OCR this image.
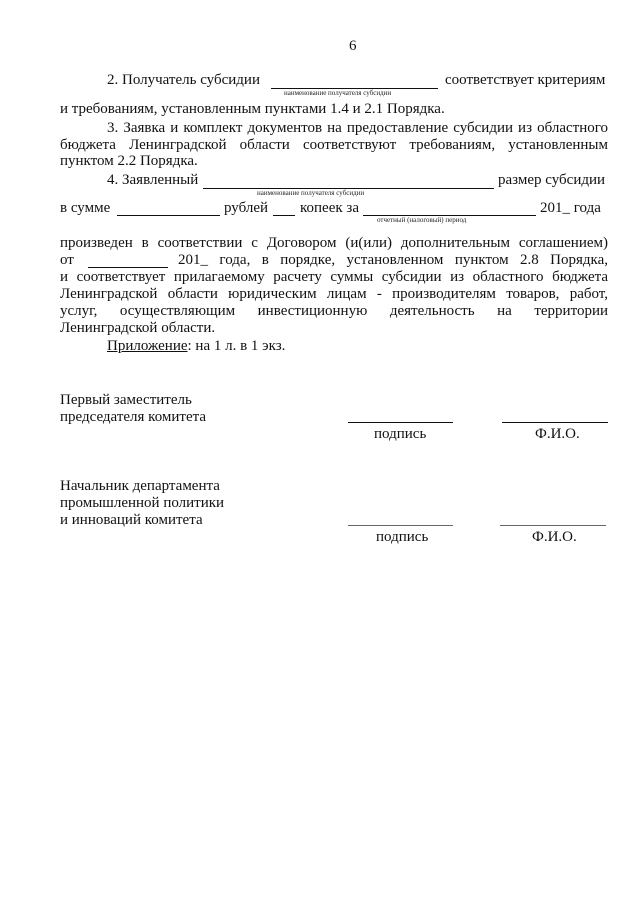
6
2. Получатель субсидии
наименование получателя субсидии
соответствует критериям
и требованиям, установленным пунктами 1.4 и 2.1 Порядка.
3. Заявка и комплект документов на предоставление субсидии из областного
бюджета Ленинградской области соответствуют требованиям, установленным
пунктом 2.2 Порядка.
4. Заявленный
наименование получателя субсидии
размер субсидии
в сумме	рублей копеек за
отчетный (налоговый) период
201_ года
произведен в соответствии с Договором (и(или) дополнительным соглашением)
от	201_ года, в порядке, установленном пунктом 2.8 Порядка,
и соответствует прилагаемому расчету суммы субсидии из областного бюджета
Ленинградской области юридическим лицам - производителям товаров, работ,
услуг, осуществляющим инвестиционную деятельность на территории
Ленинградской области.
Приложение: на 1 л. в 1 экз.
Первый заместитель
председателя комитета
подпись	Ф.И.О.
Начальник департамента
промышленной политики
и инноваций комитета
подпись	Ф.И.О.
